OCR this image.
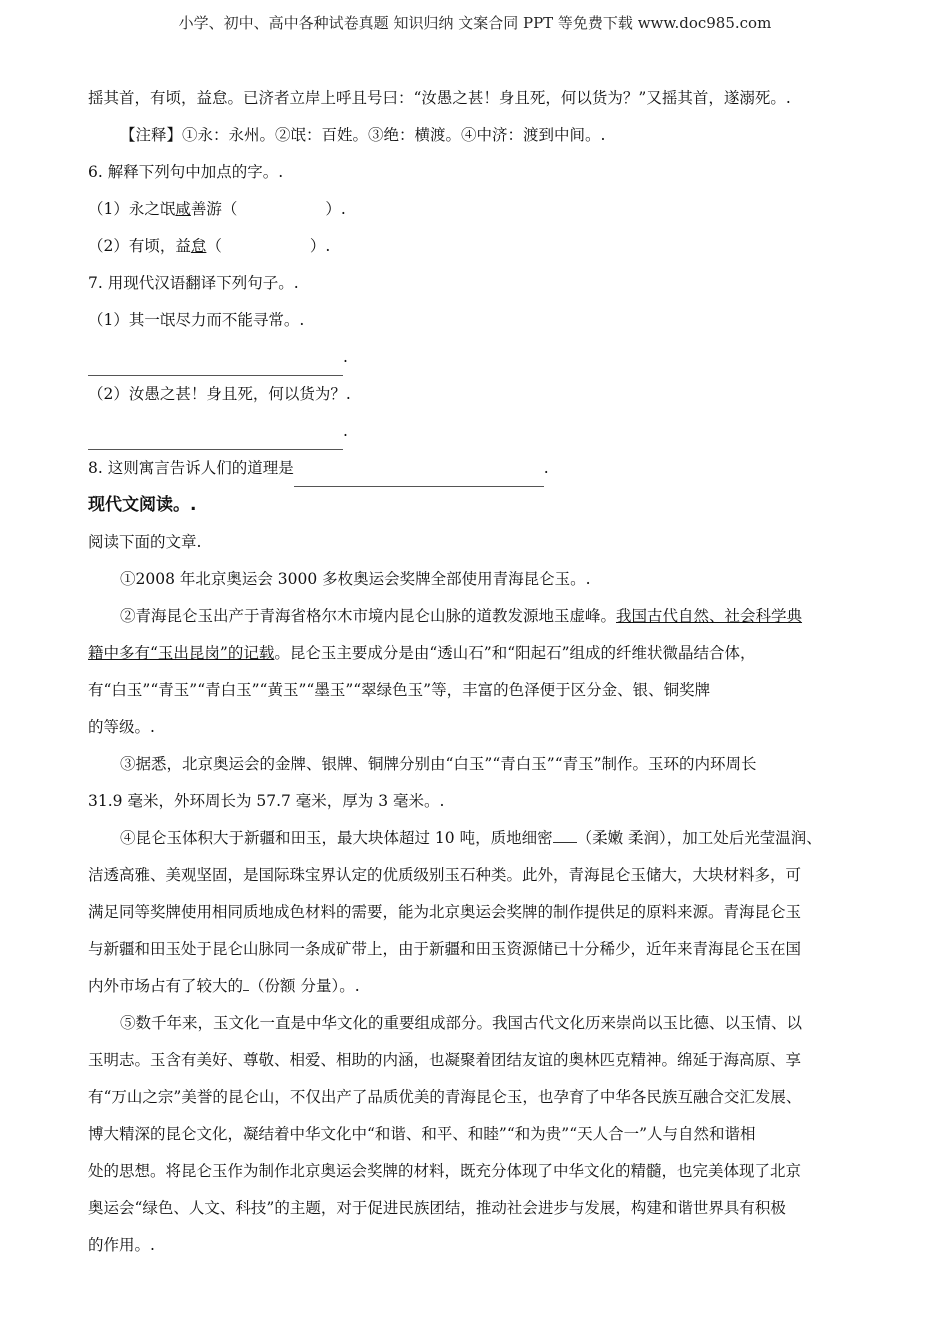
小学、初中、高中各种试卷真题 知识归纳 文案合同 PPT 等免费下载 www.doc985.com
揺其首，有顷，益怠。已济者立岸上呼且号曰：“汝愚之甚！身且死，何以货为？”又摇其首，遂溺死。.
【注释】①永：永州。②氓：百姓。③绝：横渡。④中济：渡到中间。.
6. 解释下列句中加点的字。.
（1）永之氓咸善游（	）.
（2）有顷，益怠（	）.
7. 用现代汉语翻译下列句子。.
（1）其一氓尽力而不能寻常。.
.
（2）汝愚之甚！身且死，何以货为？.
.
8. 这则寓言告诉人们的道理是	.
现代文阅读。.
阅读下面的文章.
①2008 年北京奥运会 3000 多枚奥运会奖牌全部使用青海昆仑玉。.
②青海昆仑玉出产于青海省格尔木市境内昆仑山脉的道教发源地玉虚峰。我国古代自然、社会科学典
籍中多有“玉出昆岗”的记载。昆仑玉主要成分是由“透山石”和“阳起石”组成的纤维状微晶结合体，
有“白玉”“青玉”“青白玉”“黄玉”“墨玉”“翠绿色玉”等，丰富的色泽便于区分金、银、铜奖牌
的等级。.
③据悉，北京奥运会的金牌、银牌、铜牌分别由“白玉”“青白玉”“青玉”制作。玉环的内环周长
31.9 毫米，外环周长为 57.7 毫米，厚为 3 毫米。.
④昆仑玉体积大于新疆和田玉，最大块体超过 10 吨，质地细密 （柔嫩 柔润），加工处后光莹温润、
洁透高雅、美观坚固，是国际珠宝界认定的优质级别玉石种类。此外，青海昆仑玉储大，大块材料多，可
满足同等奖牌使用相同质地成色材料的需要，能为北京奥运会奖牌的制作提供足的原料来源。青海昆仑玉
与新疆和田玉处于昆仑山脉同一条成矿带上，由于新疆和田玉资源储已十分稀少，近年来青海昆仑玉在国
内外市场占有了较大的 （份额 分量）。.
⑤数千年来，玉文化一直是中华文化的重要组成部分。我国古代文化历来崇尚以玉比德、以玉情、以
玉明志。玉含有美好、尊敬、相爱、相助的内涵，也凝聚着团结友谊的奥林匹克精神。绵延于海高原、享
有“万山之宗”美誉的昆仑山，不仅出产了品质优美的青海昆仑玉，也孕育了中华各民族互融合交汇发展、
博大精深的昆仑文化，凝结着中华文化中“和谐、和平、和睦”“和为贵”“天人合一”人与自然和谐相
处的思想。将昆仑玉作为制作北京奥运会奖牌的材料，既充分体现了中华文化的精髓，也完美体现了北京
奥运会“绿色、人文、科技”的主题，对于促进民族团结，推动社会进步与发展，构建和谐世界具有积极
的作用。.
